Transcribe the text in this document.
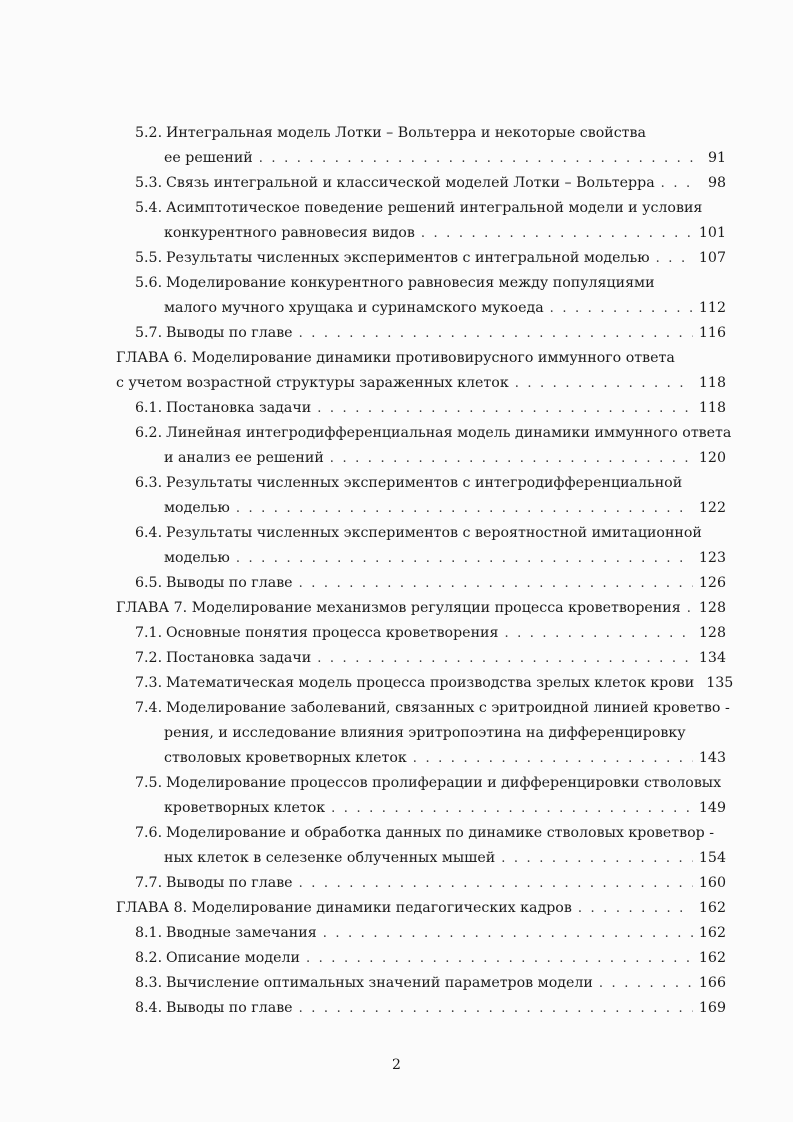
5.2. Интегральная модель Лотки – Вольтерра и некоторые свойства
ее решений . . .	91
5.3. Связь интегральной и классической моделей Лотки – Вольтерра . . .	98
5.4. Асимптотическое поведение решений интегральной модели и условия
конкурентного равновесия видов . . .	101
5.5. Результаты численных экспериментов с интегральной моделью . . .	107
5.6. Моделирование конкурентного равновесия между популяциями
малого мучного хрущака и суринамского мукоеда . . .	112
5.7. Выводы по главе . . .	116
ГЛАВА 6. Моделирование динамики противовирусного иммунного ответа
с учетом возрастной структуры зараженных клеток . . .	118
6.1. Постановка задачи . . .	118
6.2. Линейная интегродифференциальная модель динамики иммунного ответа
и анализ ее решений . . .	120
6.3. Результаты численных экспериментов с интегродифференциальной
моделью . . .	122
6.4. Результаты численных экспериментов с вероятностной имитационной
моделью . . .	123
6.5. Выводы по главе . . .	126
ГЛАВА 7. Моделирование механизмов регуляции процесса кроветворения . . . 128
7.1. Основные понятия процесса кроветворения . . .	128
7.2. Постановка задачи . . .	134
7.3. Математическая модель процесса производства зрелых клеток крови 135
7.4. Моделирование заболеваний, связанных с эритроидной линией кроветво -
рения, и исследование влияния эритропоэтина на дифференцировку
стволовых кроветворных клеток . . .	143
7.5. Моделирование процессов пролиферации и дифференцировки стволовых
кроветворных клеток . . .	149
7.6. Моделирование и обработка данных по динамике стволовых кроветвор -
ных клеток в селезенке облученных мышей . . .	154
7.7. Выводы по главе . . .	160
ГЛАВА 8. Моделирование динамики педагогических кадров . . .	162
8.1. Вводные замечания . . .	162
8.2. Описание модели . . .	162
8.3. Вычисление оптимальных значений параметров модели . . .	166
8.4. Выводы по главе . . .	169
2
